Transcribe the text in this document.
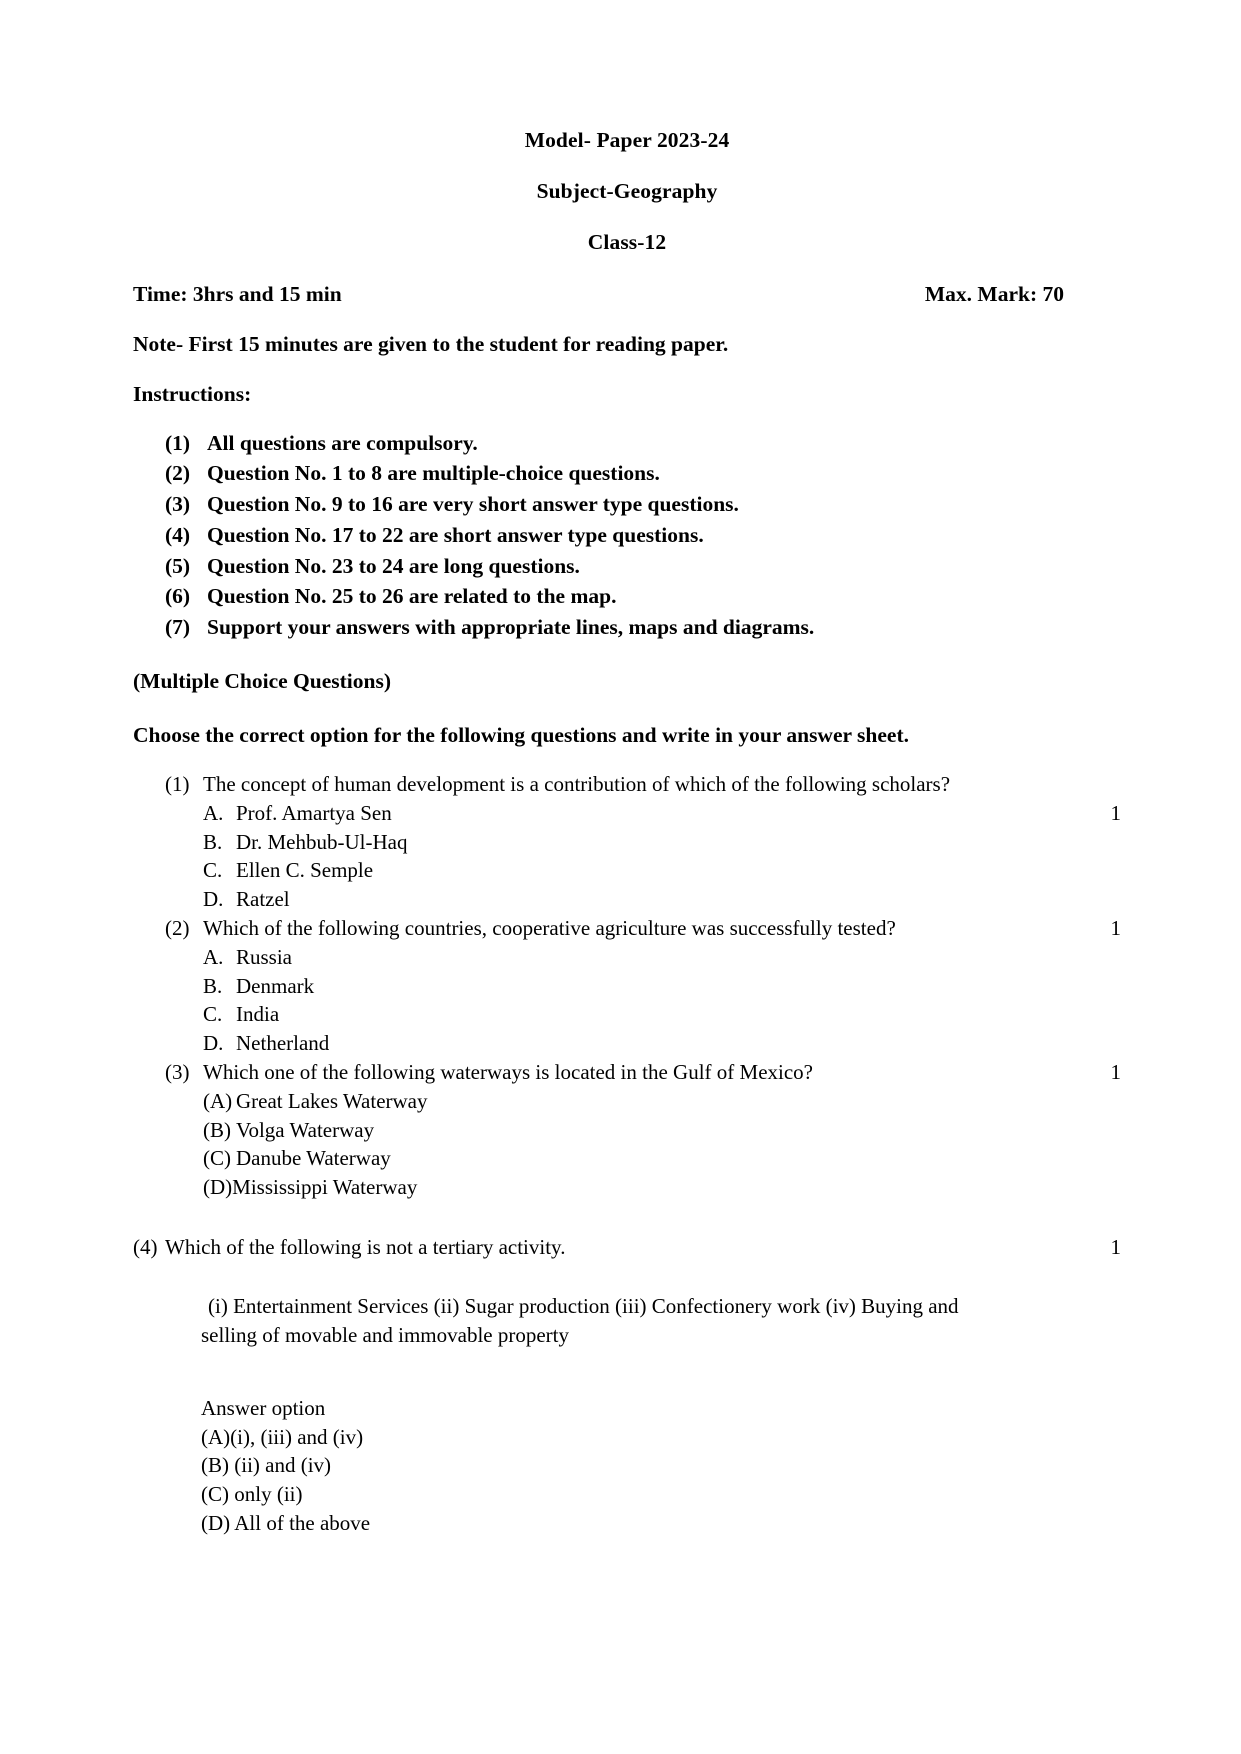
Model- Paper 2023-24
Subject-Geography
Class-12
Time: 3hrs and 15 min	Max. Mark: 70
Note- First 15 minutes are given to the student for reading paper.
Instructions:
(1) All questions are compulsory.
(2) Question No. 1 to 8 are multiple-choice questions.
(3) Question No. 9 to 16 are very short answer type questions.
(4) Question No. 17 to 22 are short answer type questions.
(5) Question No. 23 to 24 are long questions.
(6) Question No. 25 to 26 are related to the map.
(7) Support your answers with appropriate lines, maps and diagrams.
(Multiple Choice Questions)
Choose the correct option for the following questions and write in your answer sheet.
(1) The concept of human development is a contribution of which of the following scholars?
1
A. Prof. Amartya Sen
B. Dr. Mehbub-Ul-Haq
C. Ellen C. Semple
D. Ratzel
(2) Which of the following countries, cooperative agriculture was successfully tested?	1
A. Russia
B. Denmark
C. India
D. Netherland
(3) Which one of the following waterways is located in the Gulf of Mexico?	1
(A) Great Lakes Waterway
(B) Volga Waterway
(C) Danube Waterway
(D) Mississippi Waterway
(4) Which of the following is not a tertiary activity.	1
(i) Entertainment Services (ii) Sugar production (iii) Confectionery work (iv) Buying and selling of movable and immovable property
Answer option
(A)(i), (iii) and (iv)
(B) (ii) and (iv)
(C) only (ii)
(D) All of the above
